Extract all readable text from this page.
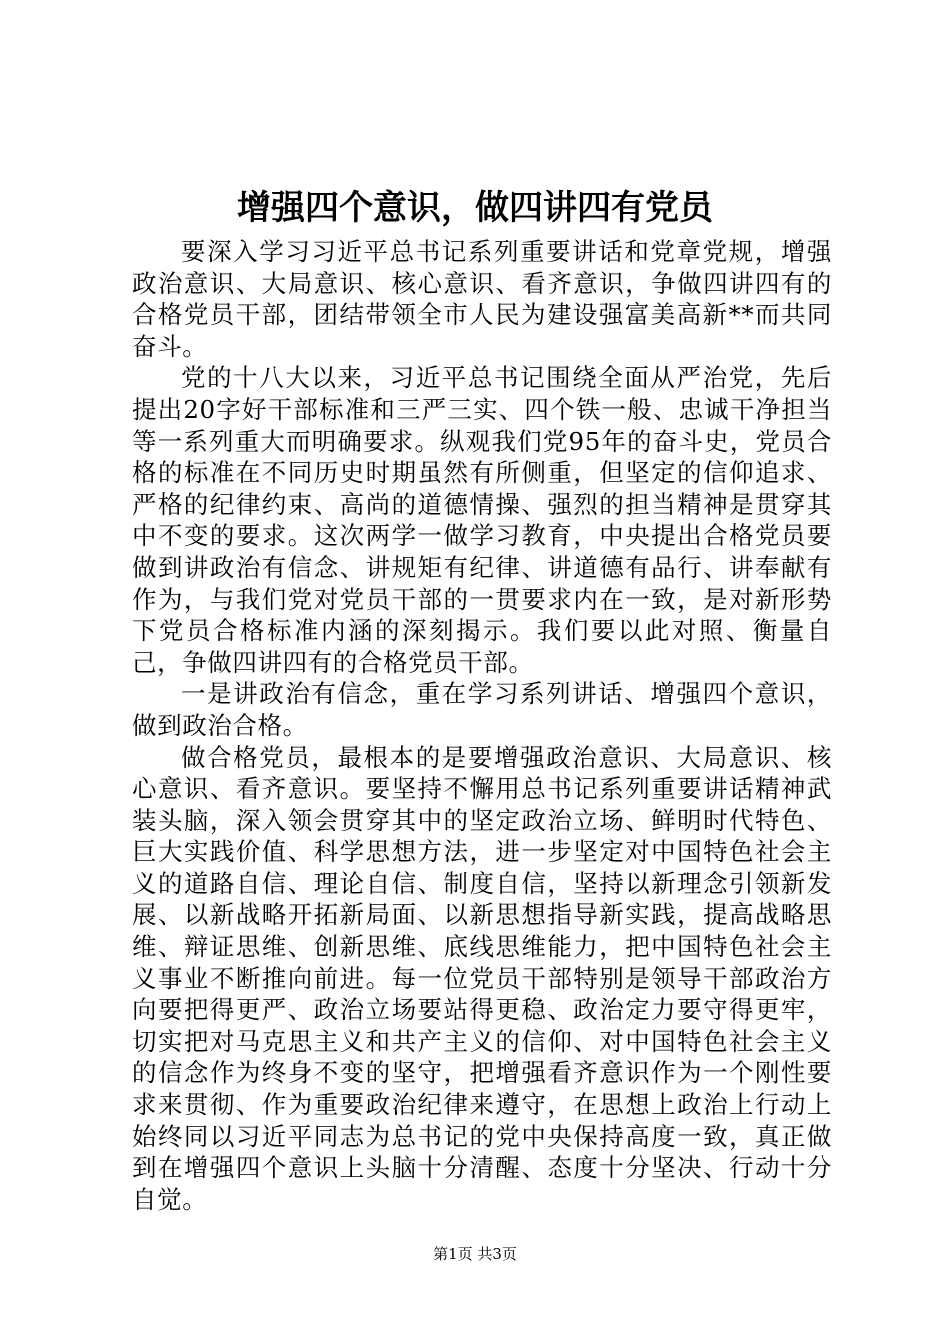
增强四个意识，做四讲四有党员

要深入学习习近平总书记系列重要讲话和党章党规，增强政治意识、大局意识、核心意识、看齐意识，争做四讲四有的合格党员干部，团结带领全市人民为建设强富美高新**而共同奋斗。

党的十八大以来，习近平总书记围绕全面从严治党，先后提出20字好干部标准和三严三实、四个铁一般、忠诚干净担当等一系列重大而明确要求。纵观我们党95年的奋斗史，党员合格的标准在不同历史时期虽然有所侧重，但坚定的信仰追求、严格的纪律约束、高尚的道德情操、强烈的担当精神是贯穿其中不变的要求。这次两学一做学习教育，中央提出合格党员要做到讲政治有信念、讲规矩有纪律、讲道德有品行、讲奉献有作为，与我们党对党员干部的一贯要求内在一致，是对新形势下党员合格标准内涵的深刻揭示。我们要以此对照、衡量自己，争做四讲四有的合格党员干部。

一是讲政治有信念，重在学习系列讲话、增强四个意识，做到政治合格。

做合格党员，最根本的是要增强政治意识、大局意识、核心意识、看齐意识。要坚持不懈用总书记系列重要讲话精神武装头脑，深入领会贯穿其中的坚定政治立场、鲜明时代特色、巨大实践价值、科学思想方法，进一步坚定对中国特色社会主义的道路自信、理论自信、制度自信，坚持以新理念引领新发展、以新战略开拓新局面、以新思想指导新实践，提高战略思维、辩证思维、创新思维、底线思维能力，把中国特色社会主义事业不断推向前进。每一位党员干部特别是领导干部政治方向要把得更严、政治立场要站得更稳、政治定力要守得更牢，切实把对马克思主义和共产主义的信仰、对中国特色社会主义的信念作为终身不变的坚守，把增强看齐意识作为一个刚性要求来贯彻、作为重要政治纪律来遵守，在思想上政治上行动上始终同以习近平同志为总书记的党中央保持高度一致，真正做到在增强四个意识上头脑十分清醒、态度十分坚决、行动十分自觉。

第1页 共3页
